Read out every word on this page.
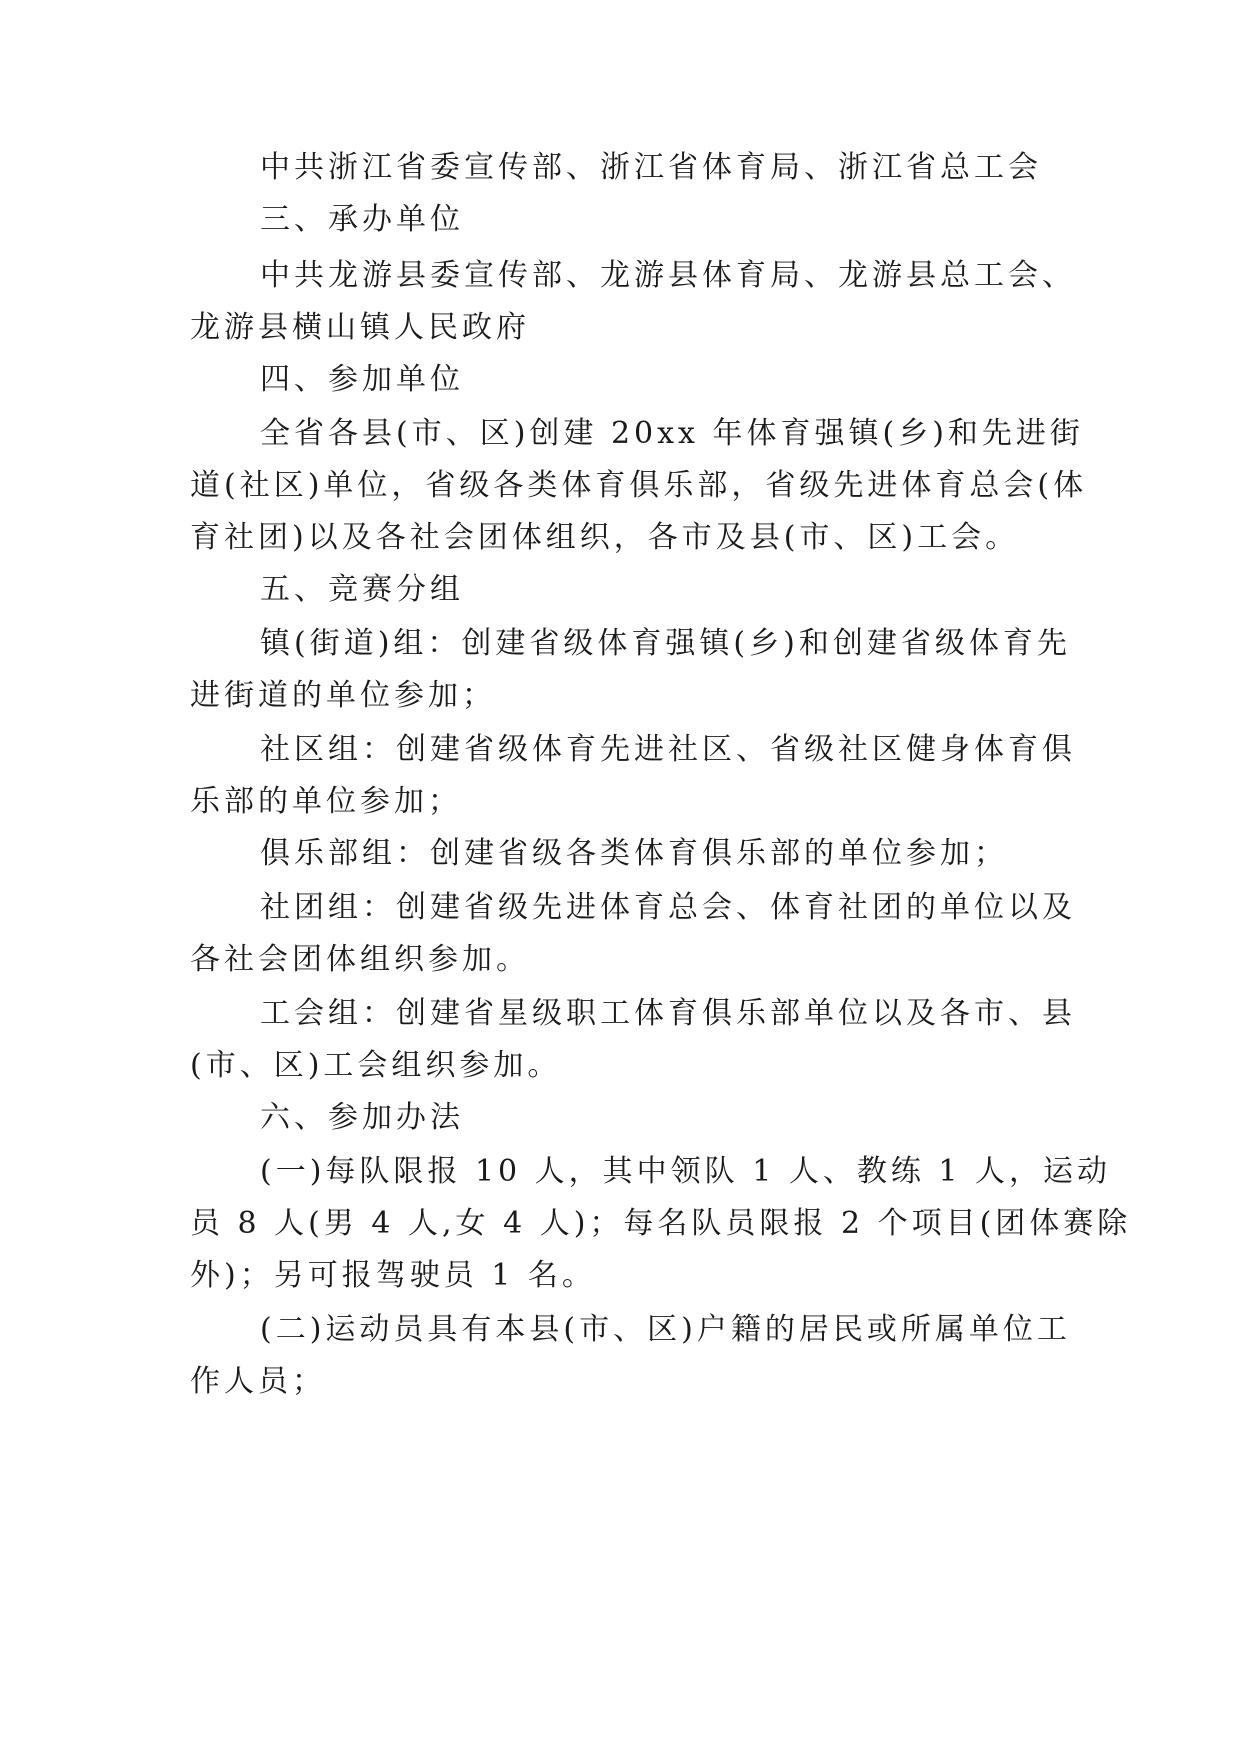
中共浙江省委宣传部、浙江省体育局、浙江省总工会
三、承办单位
中共龙游县委宣传部、龙游县体育局、龙游县总工会、
龙游县横山镇人民政府
四、参加单位
全省各县(市、区)创建 20xx 年体育强镇(乡)和先进街
道(社区)单位，省级各类体育俱乐部，省级先进体育总会(体
育社团)以及各社会团体组织，各市及县(市、区)工会。
五、竞赛分组
镇(街道)组：创建省级体育强镇(乡)和创建省级体育先
进街道的单位参加；
社区组：创建省级体育先进社区、省级社区健身体育俱
乐部的单位参加；
俱乐部组：创建省级各类体育俱乐部的单位参加；
社团组：创建省级先进体育总会、体育社团的单位以及
各社会团体组织参加。
工会组：创建省星级职工体育俱乐部单位以及各市、县
(市、区)工会组织参加。
六、参加办法
(一)每队限报 10 人，其中领队 1 人、教练 1 人，运动
员 8 人(男 4 人,女 4 人)；每名队员限报 2 个项目(团体赛除
外)；另可报驾驶员 1 名。
(二)运动员具有本县(市、区)户籍的居民或所属单位工
作人员；
